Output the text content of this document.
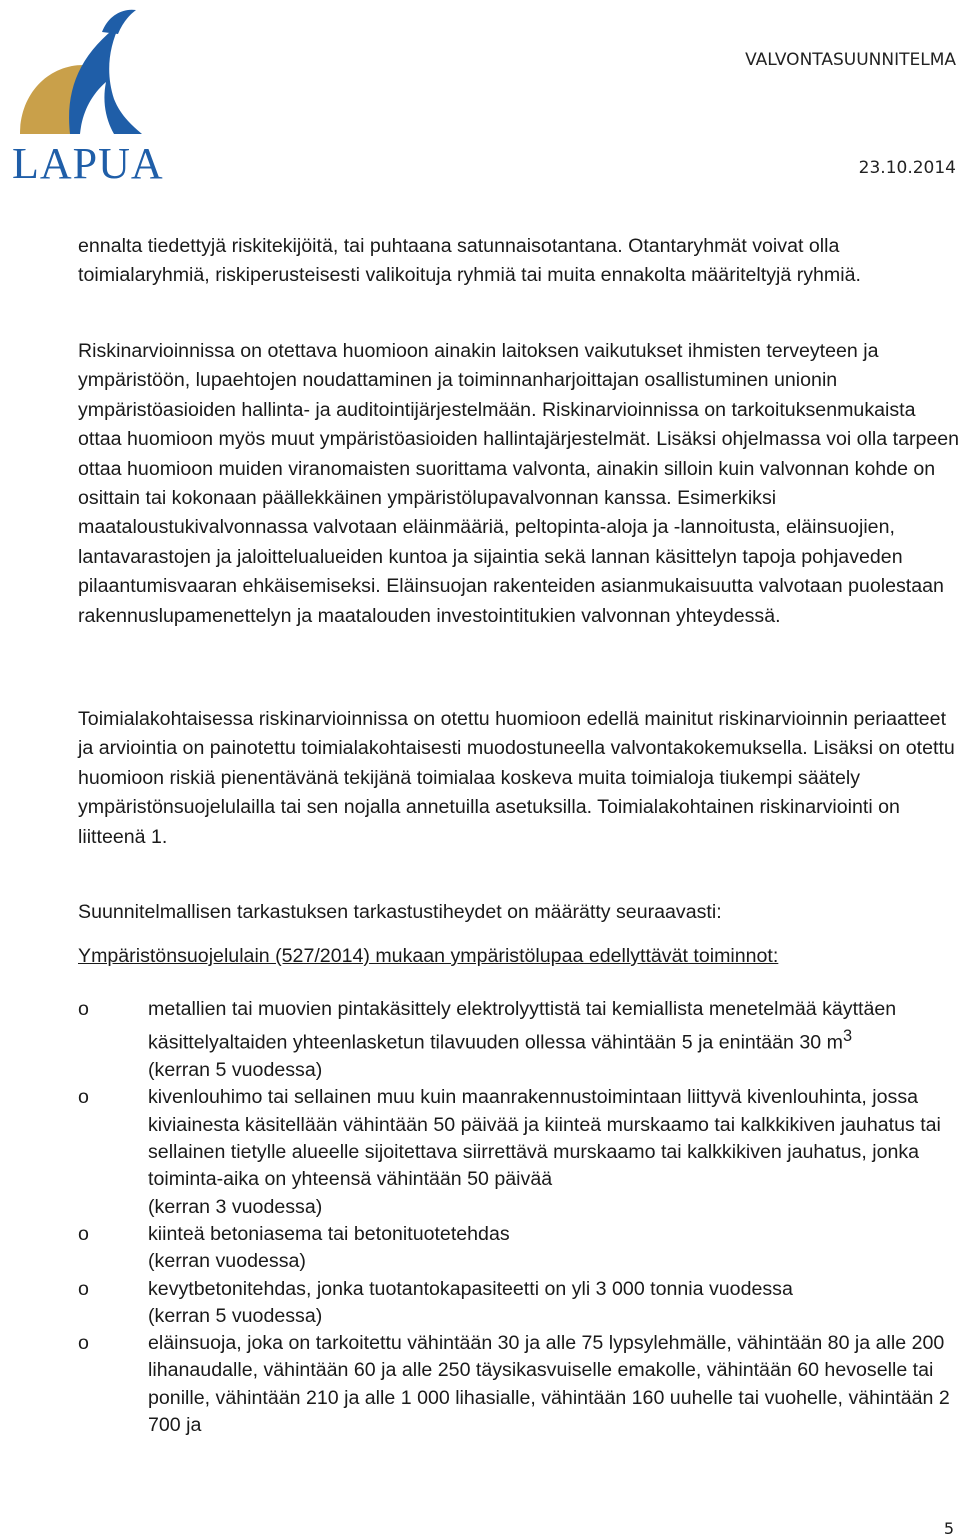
LAPUA
VALVONTASUUNNITELMA
23.10.2014
ennalta tiedettyjä riskitekijöitä, tai puhtaana satunnaisotantana. Otantaryhmät voivat olla toimialaryhmiä, riskiperusteisesti valikoituja ryhmiä tai muita ennakolta määriteltyjä ryhmiä.
Riskinarvioinnissa on otettava huomioon ainakin laitoksen vaikutukset ihmisten terveyteen ja ympäristöön, lupaehtojen noudattaminen ja toiminnanharjoittajan osallistuminen unionin ympäristöasioiden hallinta- ja auditointijärjestelmään. Riskinarvioinnissa on tarkoituksenmukaista ottaa huomioon myös muut ympäristöasioiden hallintajärjestelmät. Lisäksi ohjelmassa voi olla tarpeen ottaa huomioon muiden viranomaisten suorittama valvonta, ainakin silloin kuin valvonnan kohde on osittain tai kokonaan päällekkäinen ympäristölupavalvonnan kanssa. Esimerkiksi maataloustukivalvonnassa valvotaan eläinmääriä, peltopinta-aloja ja -lannoitusta, eläinsuojien, lantavarastojen ja jaloittelualueiden kuntoa ja sijaintia sekä lannan käsittelyn tapoja pohjaveden pilaantumisvaaran ehkäisemiseksi. Eläinsuojan rakenteiden asianmukaisuutta valvotaan puolestaan rakennuslupamenettelyn ja maatalouden investointitukien valvonnan yhteydessä.
Toimialakohtaisessa riskinarvioinnissa on otettu huomioon edellä mainitut riskinarvioinnin periaatteet ja arviointia on painotettu toimialakohtaisesti muodostuneella valvontakokemuksella. Lisäksi on otettu huomioon riskiä pienentävänä tekijänä toimialaa koskeva muita toimialoja tiukempi säätely ympäristönsuojelulailla tai sen nojalla annetuilla asetuksilla. Toimialakohtainen riskinarviointi on liitteenä 1.
Suunnitelmallisen tarkastuksen tarkastustiheydet on määrätty seuraavasti:
Ympäristönsuojelulain (527/2014) mukaan ympäristölupaa edellyttävät toiminnot:
o	metallien tai muovien pintakäsittely elektrolyyttistä tai kemiallista menetelmää käyttäen käsittelyaltaiden yhteenlasketun tilavuuden ollessa vähintään 5 ja enintään 30 $m^3$
(kerran 5 vuodessa)
o	kivenlouhimo tai sellainen muu kuin maanrakennustoimintaan liittyvä kivenlouhinta, jossa kiviainesta käsitellään vähintään 50 päivää ja kiinteä murskaamo tai kalkkikiven jauhatus tai sellainen tietylle alueelle sijoitettava siirrettävä murskaamo tai kalkkikiven jauhatus, jonka toiminta-aika on yhteensä vähintään 50 päivää
(kerran 3 vuodessa)
o	kiinteä betoniasema tai betonituotetehdas
(kerran vuodessa)
o	kevytbetonitehdas, jonka tuotantokapasiteetti on yli 3 000 tonnia vuodessa
(kerran 5 vuodessa)
o	eläinsuoja, joka on tarkoitettu vähintään 30 ja alle 75 lypsylehmälle, vähintään 80 ja alle 200 lihanaudalle, vähintään 60 ja alle 250 täysikasvuiselle emakolle, vähintään 60 hevoselle tai ponille, vähintään 210 ja alle 1 000 lihasialle, vähintään 160 uuhelle tai vuohelle, vähintään 2 700 ja
5
